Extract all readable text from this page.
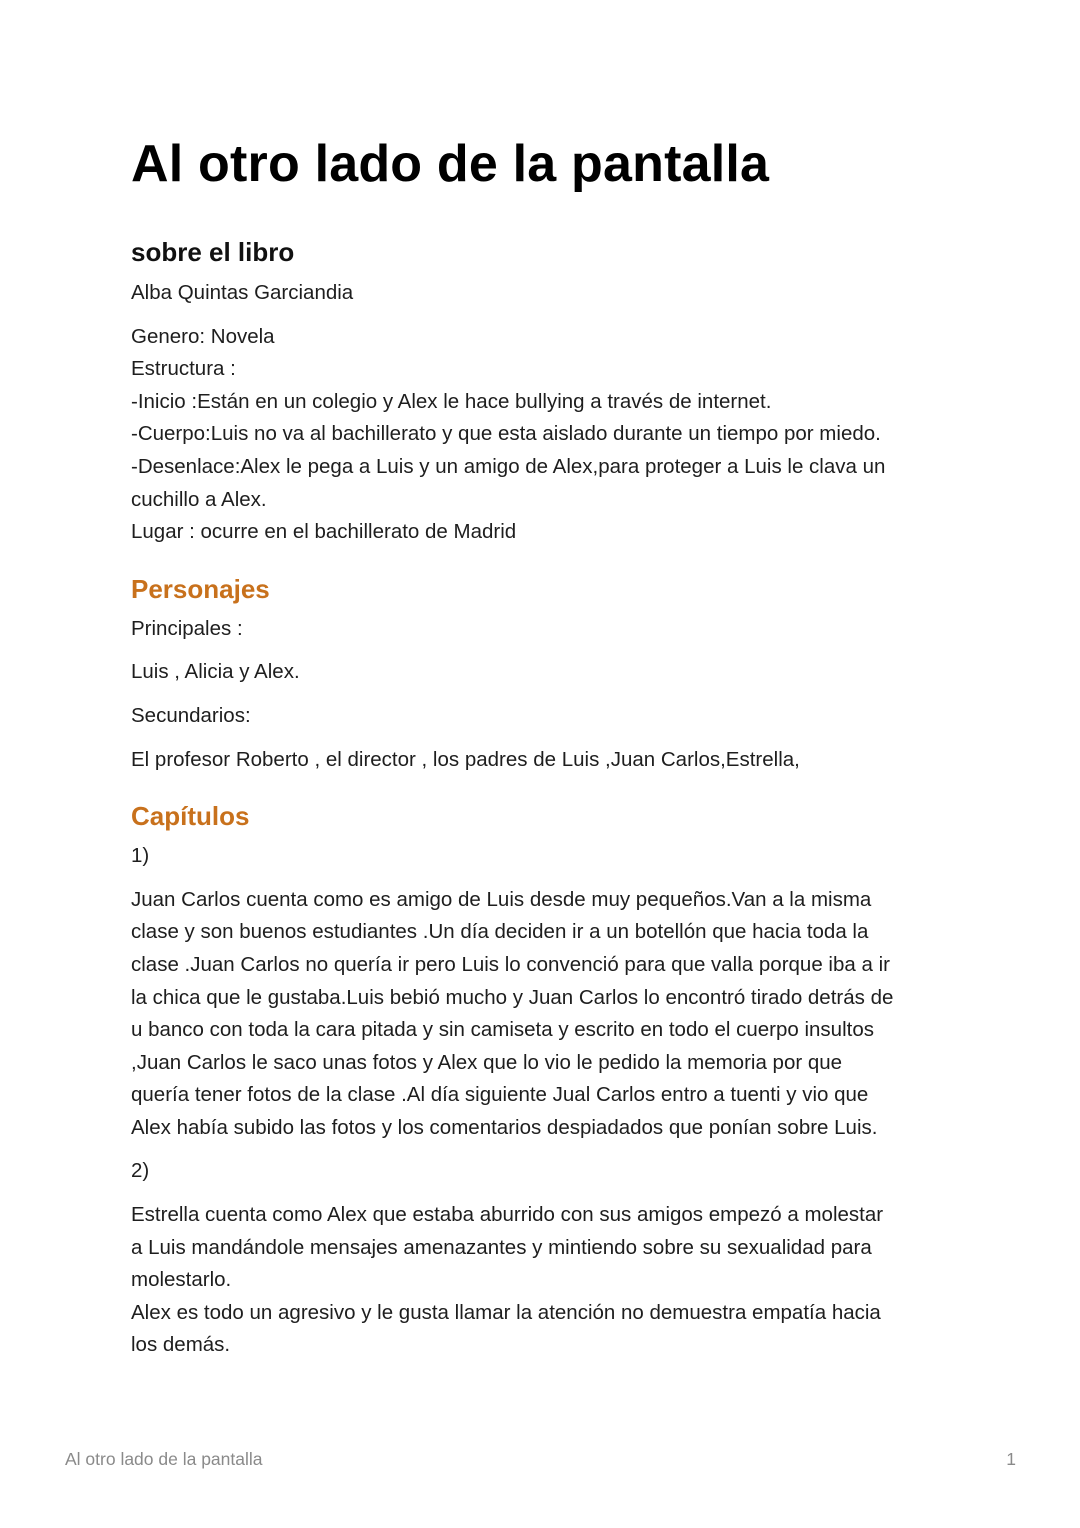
Al otro lado de la pantalla
sobre el libro

Alba Quintas Garciandia

Genero: Novela

Estructura :

-Inicio :Están en un colegio y Alex le hace bullying a través de internet.

-Cuerpo:Luis no va al bachillerato y que esta aislado durante un tiempo por miedo.

-Desenlace:Alex le pega a Luis y un amigo de Alex,para proteger a Luis le clava un

cuchillo a Alex.

Lugar : ocurre en el bachillerato de Madrid

Personajes

Principales :

Luis , Alicia y Alex.

Secundarios:

El profesor Roberto , el director , los padres de Luis ,Juan Carlos,Estrella,

Capítulos

1)

Juan Carlos cuenta como es amigo de Luis desde muy pequeños.Van a la misma

clase y son buenos estudiantes .Un día deciden ir a un botellón que hacia toda la

clase .Juan Carlos no quería ir pero Luis lo convenció para que valla porque iba a ir

la chica que le gustaba.Luis bebió mucho y Juan Carlos lo encontró tirado detrás de

u banco con toda la cara pitada y sin camiseta y escrito en todo el cuerpo insultos

,Juan Carlos le saco unas fotos y Alex que lo vio le pedido la memoria por que

quería tener fotos de la clase .Al día siguiente Jual Carlos entro a tuenti y vio que

Alex había subido las fotos y los comentarios despiadados que ponían sobre Luis.

2)

Estrella cuenta como Alex que estaba aburrido con sus amigos empezó a molestar

a Luis mandándole mensajes amenazantes y mintiendo sobre su sexualidad para

molestarlo.

Alex es todo un agresivo y le gusta llamar la atención no demuestra empatía hacia

los demás.

Al otro lado de la pantalla	1
